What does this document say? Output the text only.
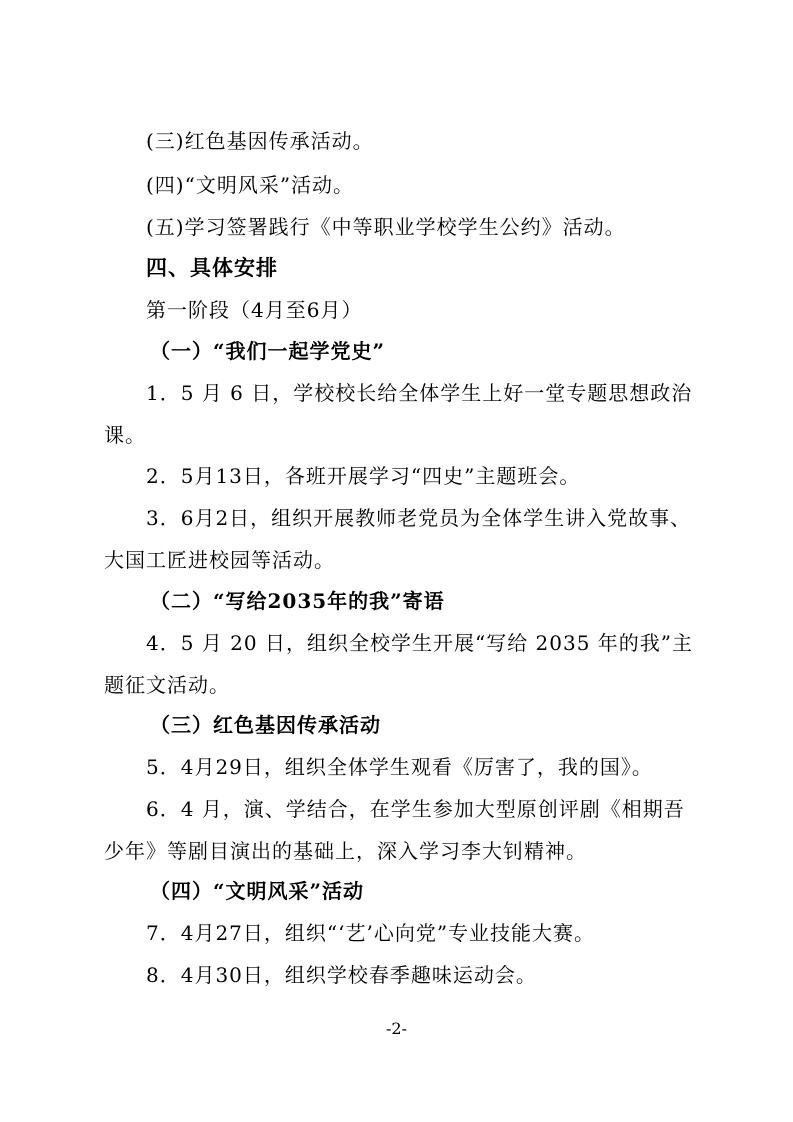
(三)红色基因传承活动。
(四)“文明风采”活动。
(五)学习签署践行《中等职业学校学生公约》活动。
四、具体安排
第一阶段（4月至6月）
（一）“我们一起学党史”
1．5 月 6 日，学校校长给全体学生上好一堂专题思想政治
课。
2．5月13日，各班开展学习“四史”主题班会。
3．6月2日，组织开展教师老党员为全体学生讲入党故事、
大国工匠进校园等活动。
（二）“写给2035年的我”寄语
4．5 月 20 日，组织全校学生开展“写给 2035 年的我”主
题征文活动。
（三）红色基因传承活动
5．4月29日，组织全体学生观看《厉害了，我的国》。
6．4 月，演、学结合，在学生参加大型原创评剧《相期吾
少年》等剧目演出的基础上，深入学习李大钊精神。
（四）“文明风采”活动
7．4月27日，组织“‘艺’心向党”专业技能大赛。
8．4月30日，组织学校春季趣味运动会。
-2-
